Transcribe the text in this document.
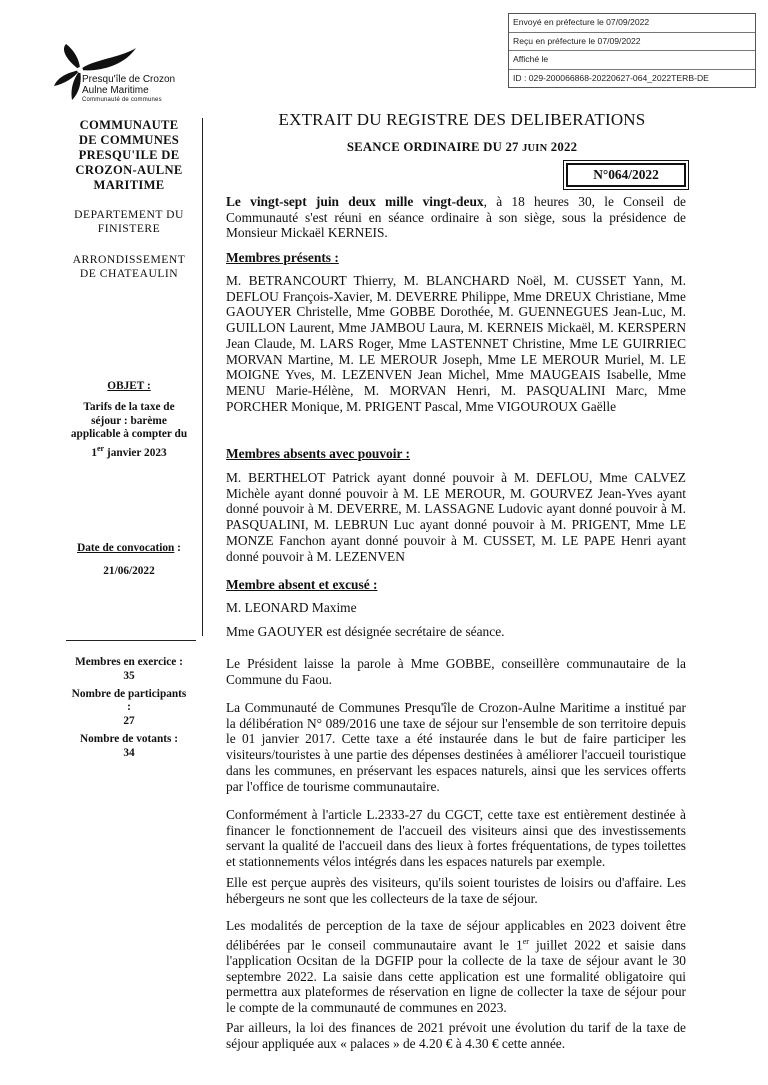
Envoyé en préfecture le 07/09/2022
Reçu en préfecture le 07/09/2022
Affiché le
ID : 029-200066868-20220627-064_2022TERB-DE
Presqu'île de Crozon
Aulne Maritime
Communauté de communes
COMMUNAUTE DE COMMUNES PRESQU'ILE DE CROZON-AULNE MARITIME
DEPARTEMENT DU FINISTERE
ARRONDISSEMENT DE CHATEAULIN
OBJET :
Tarifs de la taxe de séjour : barème applicable à compter du 1er janvier 2023
Date de convocation :
21/06/2022
Membres en exercice :
35
Nombre de participants :
27
Nombre de votants :
34
EXTRAIT DU REGISTRE DES DELIBERATIONS
SEANCE ORDINAIRE DU 27 JUIN 2022
N°064/2022
Le vingt-sept juin deux mille vingt-deux, à 18 heures 30, le Conseil de Communauté s'est réuni en séance ordinaire à son siège, sous la présidence de Monsieur Mickaël KERNEIS.
Membres présents :
M. BETRANCOURT Thierry, M. BLANCHARD Noël, M. CUSSET Yann, M. DEFLOU François-Xavier, M. DEVERRE Philippe, Mme DREUX Christiane, Mme GAOUYER Christelle, Mme GOBBE Dorothée, M. GUENNEGUES Jean-Luc, M. GUILLON Laurent, Mme JAMBOU Laura, M. KERNEIS Mickaël, M. KERSPERN Jean Claude, M. LARS Roger, Mme LASTENNET Christine, Mme LE GUIRRIEC MORVAN Martine, M. LE MEROUR Joseph, Mme LE MEROUR Muriel, M. LE MOIGNE Yves, M. LEZENVEN Jean Michel, Mme MAUGEAIS Isabelle, Mme MENU Marie-Hélène, M. MORVAN Henri, M. PASQUALINI Marc, Mme PORCHER Monique, M. PRIGENT Pascal, Mme VIGOUROUX Gaëlle
Membres absents avec pouvoir :
M. BERTHELOT Patrick ayant donné pouvoir à M. DEFLOU, Mme CALVEZ Michèle ayant donné pouvoir à M. LE MEROUR, M. GOURVEZ Jean-Yves ayant donné pouvoir à M. DEVERRE, M. LASSAGNE Ludovic ayant donné pouvoir à M. PASQUALINI, M. LEBRUN Luc ayant donné pouvoir à M. PRIGENT, Mme LE MONZE Fanchon ayant donné pouvoir à M. CUSSET, M. LE PAPE Henri ayant donné pouvoir à M. LEZENVEN
Membre absent et excusé :
M. LEONARD Maxime
Mme GAOUYER est désignée secrétaire de séance.
Le Président laisse la parole à Mme GOBBE, conseillère communautaire de la Commune du Faou.
La Communauté de Communes Presqu'île de Crozon-Aulne Maritime a institué par la délibération N° 089/2016 une taxe de séjour sur l'ensemble de son territoire depuis le 01 janvier 2017. Cette taxe a été instaurée dans le but de faire participer les visiteurs/touristes à une partie des dépenses destinées à améliorer l'accueil touristique dans les communes, en préservant les espaces naturels, ainsi que les services offerts par l'office de tourisme communautaire.
Conformément à l'article L.2333-27 du CGCT, cette taxe est entièrement destinée à financer le fonctionnement de l'accueil des visiteurs ainsi que des investissements servant la qualité de l'accueil dans des lieux à fortes fréquentations, de types toilettes et stationnements vélos intégrés dans les espaces naturels par exemple.
Elle est perçue auprès des visiteurs, qu'ils soient touristes de loisirs ou d'affaire. Les hébergeurs ne sont que les collecteurs de la taxe de séjour.
Les modalités de perception de la taxe de séjour applicables en 2023 doivent être délibérées par le conseil communautaire avant le 1er juillet 2022 et saisie dans l'application Ocsitan de la DGFIP pour la collecte de la taxe de séjour avant le 30 septembre 2022. La saisie dans cette application est une formalité obligatoire qui permettra aux plateformes de réservation en ligne de collecter la taxe de séjour pour le compte de la communauté de communes en 2023.
Par ailleurs, la loi des finances de 2021 prévoit une évolution du tarif de la taxe de séjour appliquée aux « palaces » de 4.20 € à 4.30 € cette année.
